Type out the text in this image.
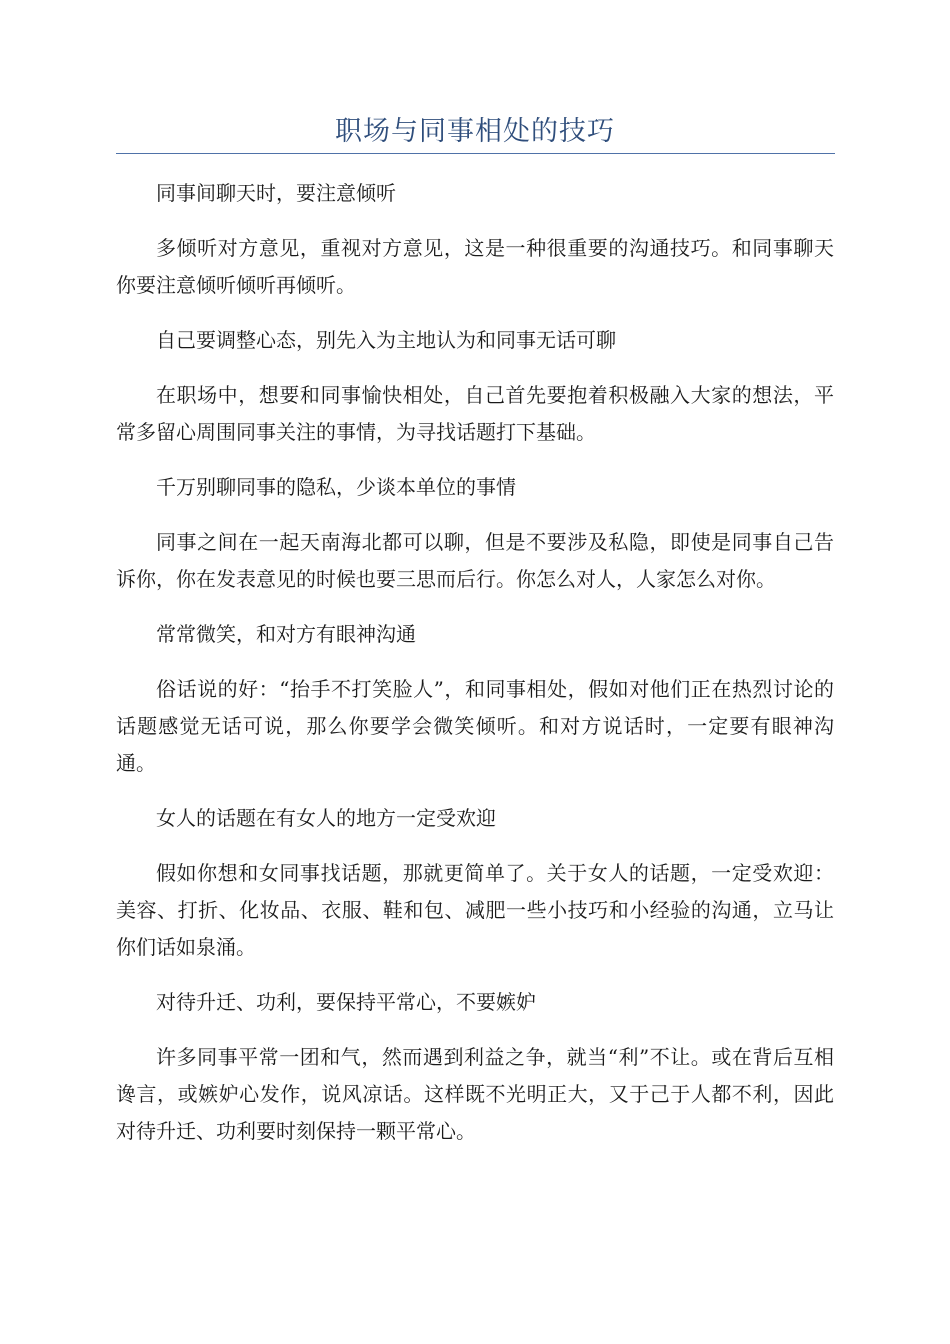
职场与同事相处的技巧

同事间聊天时，要注意倾听

多倾听对方意见，重视对方意见，这是一种很重要的沟通技巧。和同事聊天你要注意倾听倾听再倾听。

自己要调整心态，别先入为主地认为和同事无话可聊

在职场中，想要和同事愉快相处，自己首先要抱着积极融入大家的想法，平常多留心周围同事关注的事情，为寻找话题打下基础。

千万别聊同事的隐私，少谈本单位的事情

同事之间在一起天南海北都可以聊，但是不要涉及私隐，即使是同事自己告诉你，你在发表意见的时候也要三思而后行。你怎么对人，人家怎么对你。

常常微笑，和对方有眼神沟通

俗话说的好：“抬手不打笑脸人”，和同事相处，假如对他们正在热烈讨论的话题感觉无话可说，那么你要学会微笑倾听。和对方说话时，一定要有眼神沟通。

女人的话题在有女人的地方一定受欢迎

假如你想和女同事找话题，那就更简单了。关于女人的话题，一定受欢迎：美容、打折、化妆品、衣服、鞋和包、减肥一些小技巧和小经验的沟通，立马让你们话如泉涌。

对待升迁、功利，要保持平常心，不要嫉妒

许多同事平常一团和气，然而遇到利益之争，就当“利”不让。或在背后互相谗言，或嫉妒心发作，说风凉话。这样既不光明正大，又于己于人都不利，因此对待升迁、功利要时刻保持一颗平常心。
